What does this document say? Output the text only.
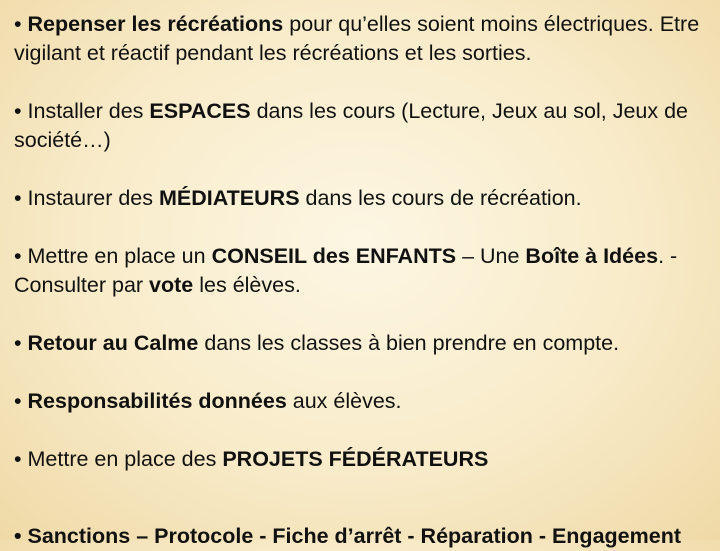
• Repenser les récréations pour qu’elles soient moins électriques. Etre vigilant et réactif pendant les récréations et les sorties.

• Installer des ESPACES dans les cours (Lecture, Jeux au sol, Jeux de société…)

• Instaurer des MÉDIATEURS dans les cours de récréation.

• Mettre en place un CONSEIL des ENFANTS – Une Boîte à Idées. - Consulter par vote les élèves.

• Retour au Calme dans les classes à bien prendre en compte.

• Responsabilités données aux élèves.

• Mettre en place des PROJETS FÉDÉRATEURS

• Sanctions – Protocole - Fiche d’arrêt - Réparation - Engagement
